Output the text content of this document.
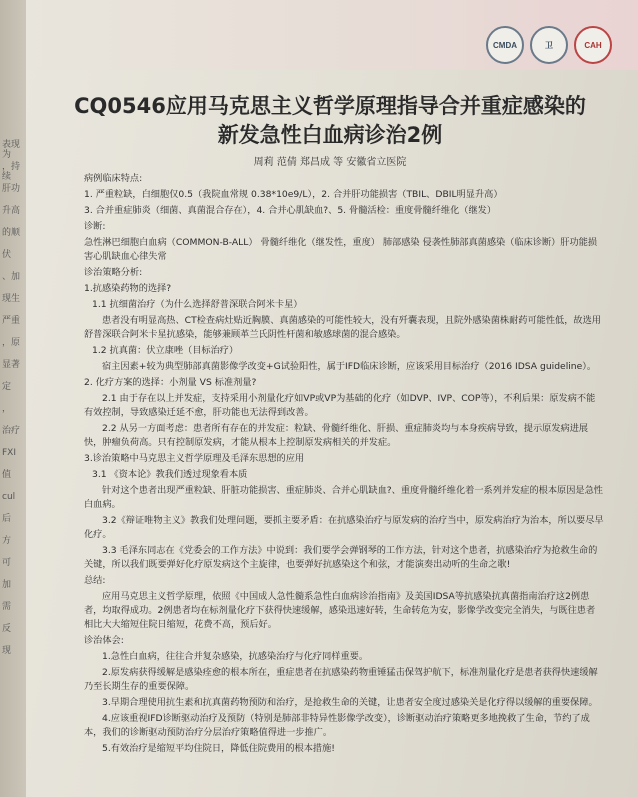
表现为
，持续
肝功
升高
的顺
伏
、加
现生
严重
，原
显著
定
，
治疗
FXI
值
cul
后
方
可
加
需
反
现
CMDA	卫	CAH
CQ0546应用马克思主义哲学原理指导合并重症感染的新发急性白血病诊治2例
周莉 范倩 郑昌成 等 安徽省立医院

病例临床特点:

1. 严重粒缺，白细胞仅0.5（我院血常规 0.38*10e9/L），2. 合并肝功能损害（TBIL、DBIL明显升高）

3. 合并重症肺炎（细菌、真菌混合存在），4. 合并心肌缺血?、5. 骨髓活检：重度骨髓纤维化（继发）

诊断:

急性淋巴细胞白血病（COMMON-B-ALL） 骨髓纤维化（继发性，重度） 肺部感染 侵袭性肺部真菌感染（临床诊断）肝功能损害心肌缺血心律失常

诊治策略分析:

1.抗感染药物的选择?

1.1 抗细菌治疗（为什么选择舒普深联合阿米卡星）

患者没有明显高热、CT检查病灶贴近胸膜、真菌感染的可能性较大，没有歼囊表现，且院外感染菌株耐药可能性低，故选用舒普深联合阿米卡星抗感染，能够兼顾革兰氏阴性杆菌和敏感球菌的混合感染。

1.2 抗真菌：伏立康唑（目标治疗）

宿主因素+较为典型肺部真菌影像学改变+G试验阳性，属于IFD临床诊断，应该采用目标治疗（2016 IDSA guideline）。

2. 化疗方案的选择：小剂量 VS 标准剂量?

2.1 由于存在以上并发症，支持采用小剂量化疗如VP或VP为基础的化疗（如DVP、IVP、COP等），不利后果：原发病不能有效控制，导致感染迁延不愈，肝功能也无法得到改善。

2.2 从另一方面考虑：患者所有存在的并发症：粒缺、骨髓纤维化、肝损、重症肺炎均与本身疾病导致，提示原发病进展快，肿瘤负荷高。只有控制原发病，才能从根本上控制原发病相关的并发症。

3.诊治策略中马克思主义哲学原理及毛泽东思想的应用

3.1 《资本论》教我们透过现象看本质

针对这个患者出现严重粒缺、肝脏功能损害、重症肺炎、合并心肌缺血?、重度骨髓纤维化着一系列并发症的根本原因是急性白血病。

3.2《辩证唯物主义》教我们处理问题，要抓主要矛盾：在抗感染治疗与原发病的治疗当中，原发病治疗为治本，所以要尽早化疗。

3.3 毛泽东同志在《党委会的工作方法》中说到：我们要学会弹钢琴的工作方法，针对这个患者，抗感染治疗为抢救生命的关键，所以我们既要弹好化疗原发病这个主旋律，也要弹好抗感染这个和弦，才能演奏出动听的生命之歌!

总结:

应用马克思主义哲学原理，依照《中国成人急性髓系急性白血病诊治指南》及美国IDSA等抗感染抗真菌指南治疗这2例患者，均取得成功。2例患者均在标剂量化疗下获得快速缓解，感染迅速好转，生命转危为安，影像学改变完全消失，与既往患者相比大大缩短住院日缩短，花费不高，预后好。

诊治体会:

1.急性白血病，往往合并复杂感染，抗感染治疗与化疗同样重要。

2.原发病获得缓解是感染痊愈的根本所在，重症患者在抗感染药物重锤猛击保驾护航下，标准剂量化疗是患者获得快速缓解乃至长期生存的重要保障。

3.早期合理使用抗生素和抗真菌药物预防和治疗，是抢救生命的关键，让患者安全度过感染关是化疗得以缓解的重要保障。

4.应该重视IFD诊断驱动治疗及预防（特别是肺部非特异性影像学改变），诊断驱动治疗策略更多地挽救了生命，节约了成本，我们的诊断驱动预防治疗分层治疗策略值得进一步推广。

5.有效治疗是缩短平均住院日，降低住院费用的根本措施!
